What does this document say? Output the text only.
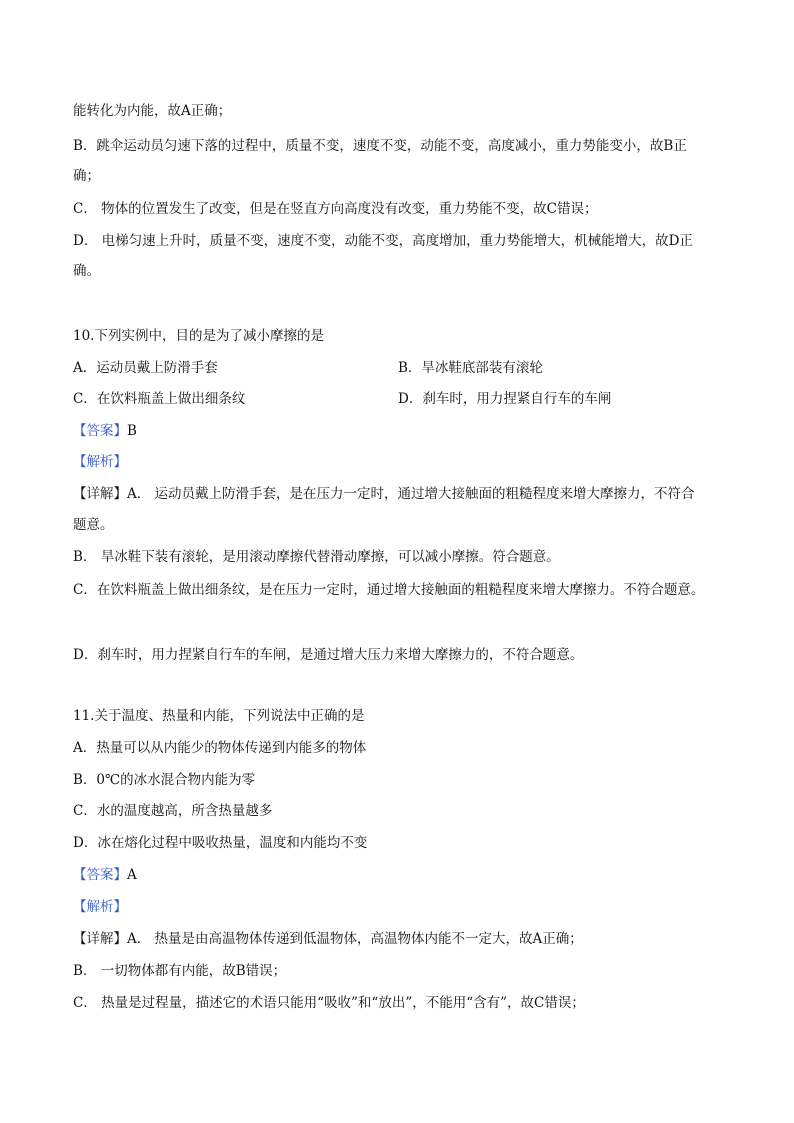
能转化为内能，故A正确；
B．跳伞运动员匀速下落的过程中，质量不变，速度不变，动能不变，高度减小，重力势能变小，故B正
确；
C． 物体的位置发生了改变，但是在竖直方向高度没有改变，重力势能不变，故C错误；
D． 电梯匀速上升时，质量不变，速度不变，动能不变，高度增加，重力势能增大，机械能增大，故D正
确。
10.下列实例中，目的是为了减小摩擦的是
A．运动员戴上防滑手套	B．旱冰鞋底部装有滚轮
C．在饮料瓶盖上做出细条纹	D．刹车时，用力捏紧自行车的车闸
【答案】B
【解析】
【详解】A． 运动员戴上防滑手套，是在压力一定时，通过增大接触面的粗糙程度来增大摩擦力，不符合
题意。
B． 旱冰鞋下装有滚轮，是用滚动摩擦代替滑动摩擦，可以减小摩擦。符合题意。
C．在饮料瓶盖上做出细条纹，是在压力一定时，通过增大接触面的粗糙程度来增大摩擦力。不符合题意。
D．刹车时，用力捏紧自行车的车闸，是通过增大压力来增大摩擦力的，不符合题意。
11.关于温度、热量和内能，下列说法中正确的是
A．热量可以从内能少的物体传递到内能多的物体
B．0℃的冰水混合物内能为零
C．水的温度越高，所含热量越多
D．冰在熔化过程中吸收热量，温度和内能均不变
【答案】A
【解析】
【详解】A． 热量是由高温物体传递到低温物体，高温物体内能不一定大，故A正确；
B． 一切物体都有内能，故B错误；
C． 热量是过程量，描述它的术语只能用“吸收”和“放出”，不能用“含有”，故C错误；
